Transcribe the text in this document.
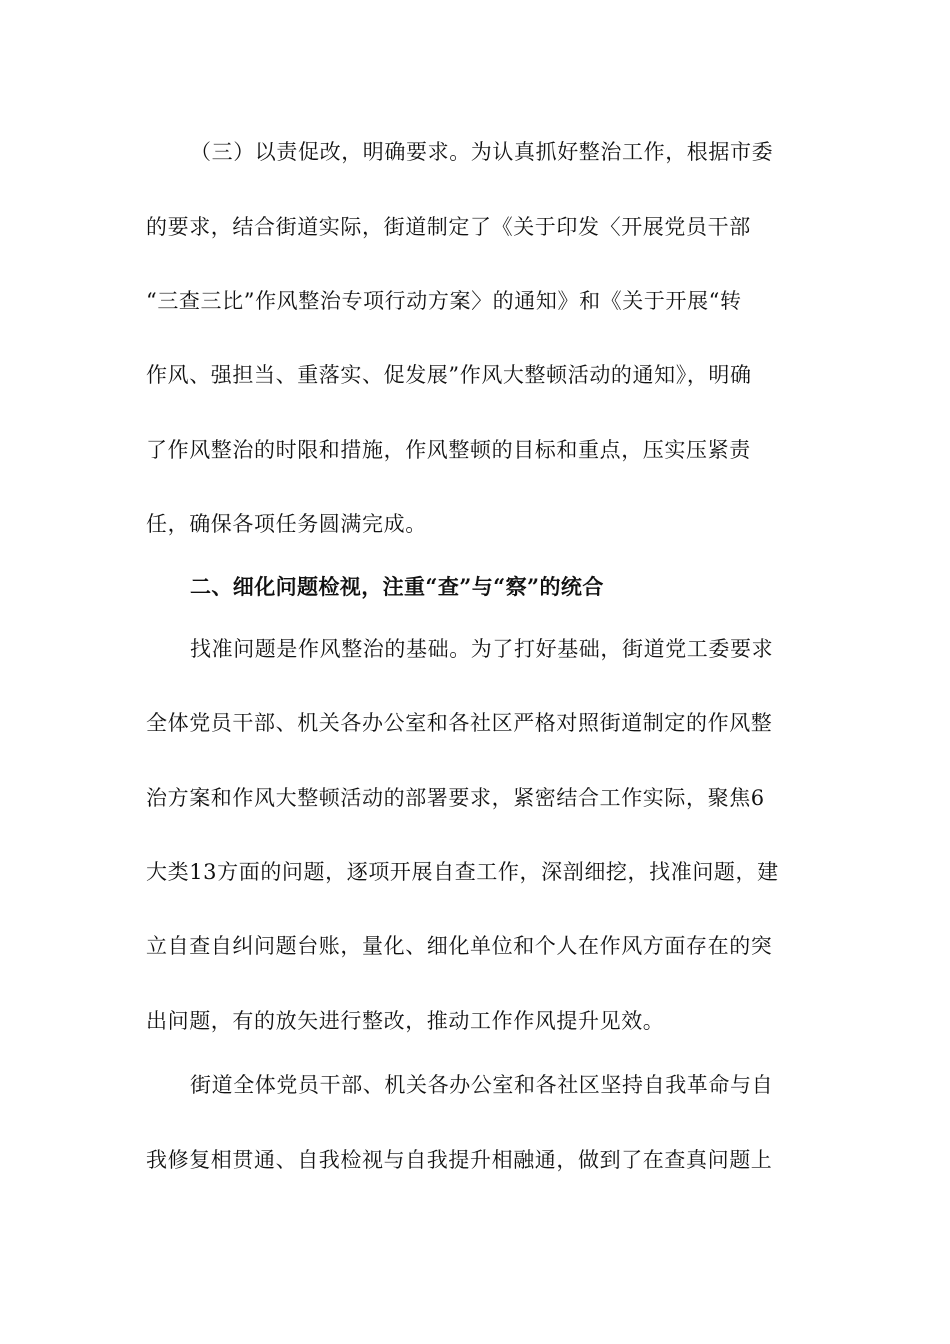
（三）以责促改，明确要求。为认真抓好整治工作，根据市委
的要求，结合街道实际，街道制定了《关于印发〈开展党员干部
“三查三比”作风整治专项行动方案〉的通知》和《关于开展“转
作风、强担当、重落实、促发展”作风大整顿活动的通知》，明确
了作风整治的时限和措施，作风整顿的目标和重点，压实压紧责
任，确保各项任务圆满完成。
二、细化问题检视，注重“查”与“察”的统合
找准问题是作风整治的基础。为了打好基础，街道党工委要求
全体党员干部、机关各办公室和各社区严格对照街道制定的作风整
治方案和作风大整顿活动的部署要求，紧密结合工作实际，聚焦6
大类13方面的问题，逐项开展自查工作，深剖细挖，找准问题，建
立自查自纠问题台账，量化、细化单位和个人在作风方面存在的突
出问题，有的放矢进行整改，推动工作作风提升见效。
街道全体党员干部、机关各办公室和各社区坚持自我革命与自
我修复相贯通、自我检视与自我提升相融通，做到了在查真问题上
